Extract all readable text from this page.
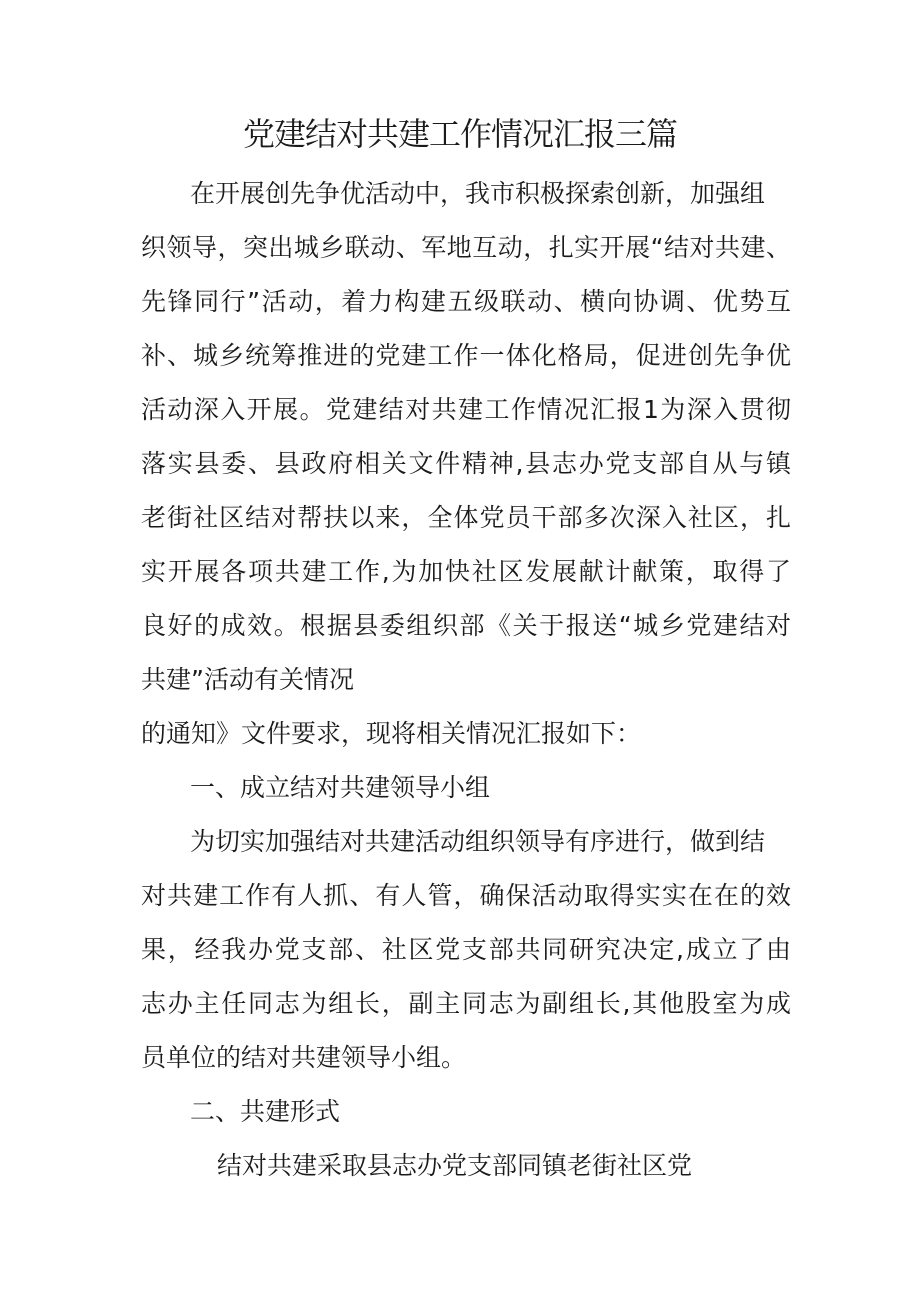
党建结对共建工作情况汇报三篇

在开展创先争优活动中，我市积极探索创新，加强组

织领导，突出城乡联动、军地互动，扎实开展“结对共建、

先锋同行”活动，着力构建五级联动、横向协调、优势互

补、城乡统筹推进的党建工作一体化格局，促进创先争优

活动深入开展。党建结对共建工作情况汇报1为深入贯彻

落实县委、县政府相关文件精神,县志办党支部自从与镇

老街社区结对帮扶以来，全体党员干部多次深入社区，扎

实开展各项共建工作,为加快社区发展献计献策，取得了

良好的成效。根据县委组织部《关于报送“城乡党建结对

共建”活动有关情况

的通知》文件要求，现将相关情况汇报如下：

一、成立结对共建领导小组

为切实加强结对共建活动组织领导有序进行，做到结

对共建工作有人抓、有人管，确保活动取得实实在在的效

果，经我办党支部、社区党支部共同研究决定,成立了由

志办主任同志为组长，副主同志为副组长,其他股室为成

员单位的结对共建领导小组。

二、共建形式

结对共建采取县志办党支部同镇老街社区党
